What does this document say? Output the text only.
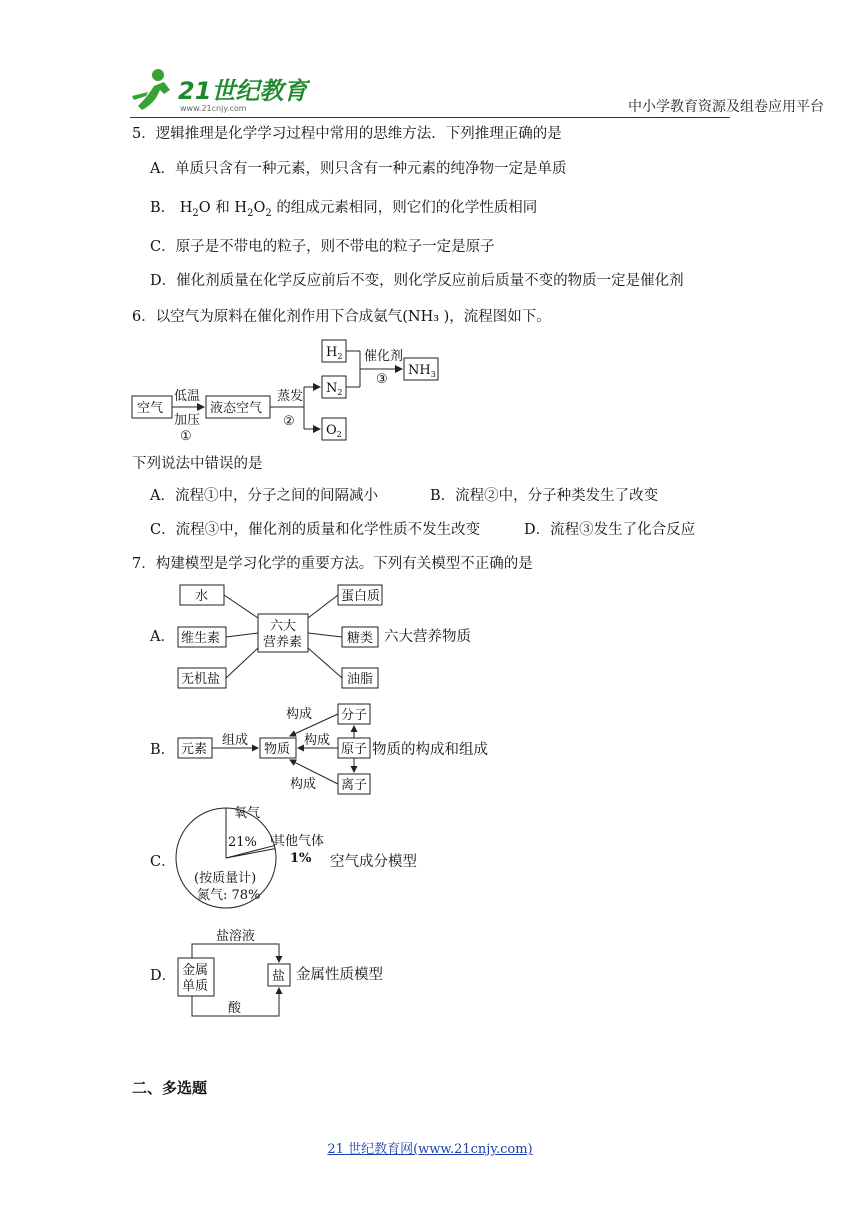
21世纪教育
www.21cnjy.com	中小学教育资源及组卷应用平台
5．逻辑推理是化学学习过程中常用的思维方法．下列推理正确的是
A．单质只含有一种元素，则只含有一种元素的纯净物一定是单质
B． $H_2O$ 和 $H_2O_2$ 的组成元素相同，则它们的化学性质相同
C．原子是不带电的粒子，则不带电的粒子一定是原子
D．催化剂质量在化学反应前后不变，则化学反应前后质量不变的物质一定是催化剂
6．以空气为原料在催化剂作用下合成氨气(NH₃ )，流程图如下。
空气	液态空气
低温
加压
①
蒸发
②
催化剂
③
$H_2$
$N_2$
$O_2$
$NH_3$
下列说法中错误的是
A．流程①中，分子之间的间隔减小	B．流程②中，分子种类发生了改变
C．流程③中，催化剂的质量和化学性质不发生改变	D．流程③发生了化合反应
7．构建模型是学习化学的重要方法。下列有关模型不正确的是
A．
水
维生素
无机盐
六大
营养素
蛋白质
糖类
油脂
六大营养物质
B． 元素	物质
分子
原子
离子
组成
构成
构成
构成
物质的构成和组成
C．
氧气
21% 其他气体
1%
(按质量计)
氮气: 78%
空气成分模型
D． 金属
单质
盐
盐溶液
酸
金属性质模型
二、多选题
21 世纪教育网(www.21cnjy.com)
